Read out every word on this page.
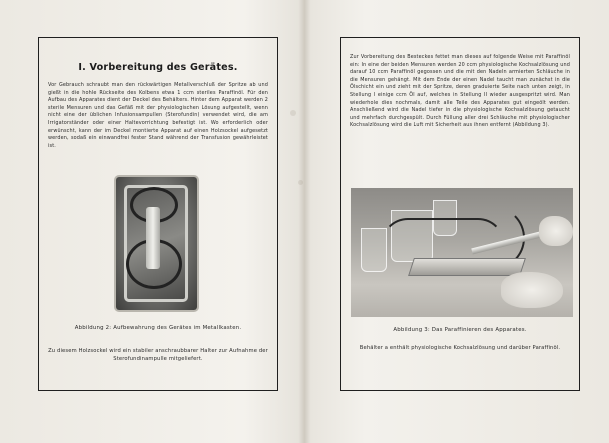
I. Vorbereitung des Gerätes.
Vor Gebrauch schraubt man den rückwärtigen Metallverschluß der Spritze ab und gießt in die hohle Rückseite des Kolbens etwa 1 ccm steriles Paraffinöl. Für den Aufbau des Apparates dient der Deckel des Behälters. Hinter dem Apparat werden 2 sterile Mensuren und das Gefäß mit der physiologischen Lösung aufgestellt, wenn nicht eine der üblichen Infusionsampullen (Sterofundin) verwendet wird, die am Irrigatorständer oder einer Haltevorrichtung befestigt ist. Wo erforderlich oder erwünscht, kann der im Deckel montierte Apparat auf einen Holzsockel aufgesetzt werden, sodaß ein einwandfrei fester Stand während der Transfusion gewährleistet ist.
Abbildung 2: Aufbewahrung des Gerätes im Metallkasten.
Zu diesem Holzsockel wird ein stabiler anschraubbarer Halter zur Aufnahme der Sterofundinampulle mitgeliefert.
Zur Vorbereitung des Besteckes fettet man dieses auf folgende Weise mit Paraffinöl ein: In eine der beiden Mensuren werden 20 ccm physiologische Kochsalzlösung und darauf 10 ccm Paraffinöl gegossen und die mit den Nadeln armierten Schläuche in die Mensuren gehängt. Mit dem Ende der einen Nadel taucht man zunächst in die Ölschicht ein und zieht mit der Spritze, deren graduierte Seite nach unten zeigt, in Stellung I einige ccm Öl auf, welches in Stellung II wieder ausgespritzt wird. Man wiederhole dies nochmals, damit alle Teile des Apparates gut eingeölt werden. Anschließend wird die Nadel tiefer in die physiologische Kochsalzlösung getaucht und mehrfach durchgespült. Durch Füllung aller drei Schläuche mit physiologischer Kochsalzlösung wird die Luft mit Sicherheit aus ihnen entfernt (Abbildung 3).
Abbildung 3: Das Paraffinieren des Apparates.
Behälter a enthält physiologische Kochsalzlösung und darüber Paraffinöl.
